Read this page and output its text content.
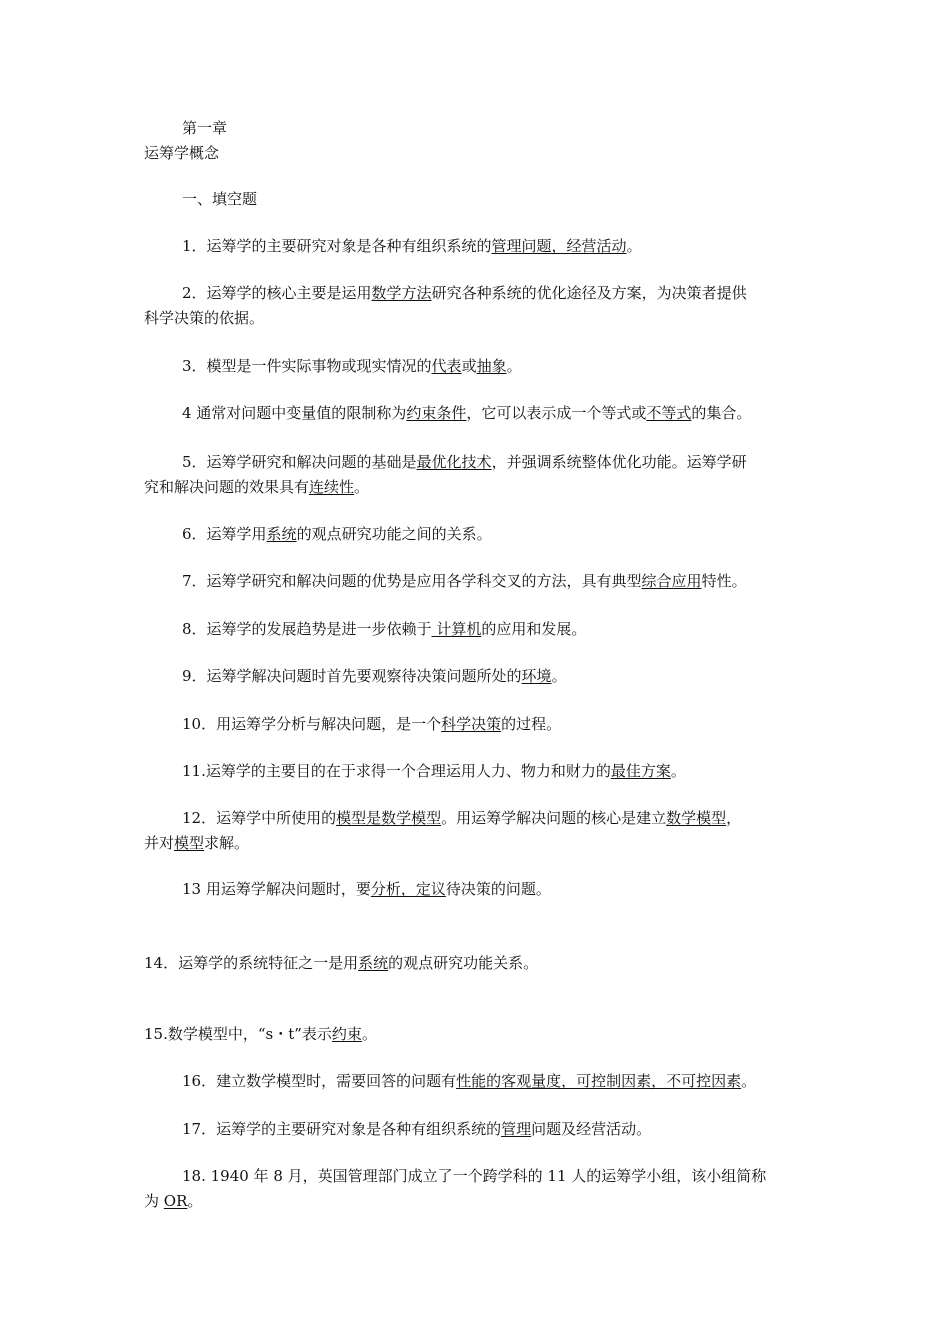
第一章
运筹学概念
一、填空题
1．运筹学的主要研究对象是各种有组织系统的管理问题，经营活动。
2．运筹学的核心主要是运用数学方法研究各种系统的优化途径及方案，为决策者提供
科学决策的依据。
3．模型是一件实际事物或现实情况的代表或抽象。
4 通常对问题中变量值的限制称为约束条件，它可以表示成一个等式或不等式的集合。
5．运筹学研究和解决问题的基础是最优化技术，并强调系统整体优化功能。运筹学研
究和解决问题的效果具有连续性。
6．运筹学用系统的观点研究功能之间的关系。
7．运筹学研究和解决问题的优势是应用各学科交叉的方法，具有典型综合应用特性。
8．运筹学的发展趋势是进一步依赖于 计算机的应用和发展。
9．运筹学解决问题时首先要观察待决策问题所处的环境。
10．用运筹学分析与解决问题，是一个科学决策的过程。
11.运筹学的主要目的在于求得一个合理运用人力、物力和财力的最佳方案。
12．运筹学中所使用的模型是数学模型。用运筹学解决问题的核心是建立数学模型，
并对模型求解。
13 用运筹学解决问题时，要分析，定议待决策的问题。
14．运筹学的系统特征之一是用系统的观点研究功能关系。
15.数学模型中，“s・t”表示约束。
16．建立数学模型时，需要回答的问题有性能的客观量度，可控制因素，不可控因素。
17．运筹学的主要研究对象是各种有组织系统的管理问题及经营活动。
18. 1940 年 8 月，英国管理部门成立了一个跨学科的 11 人的运筹学小组，该小组简称
为 OR。
